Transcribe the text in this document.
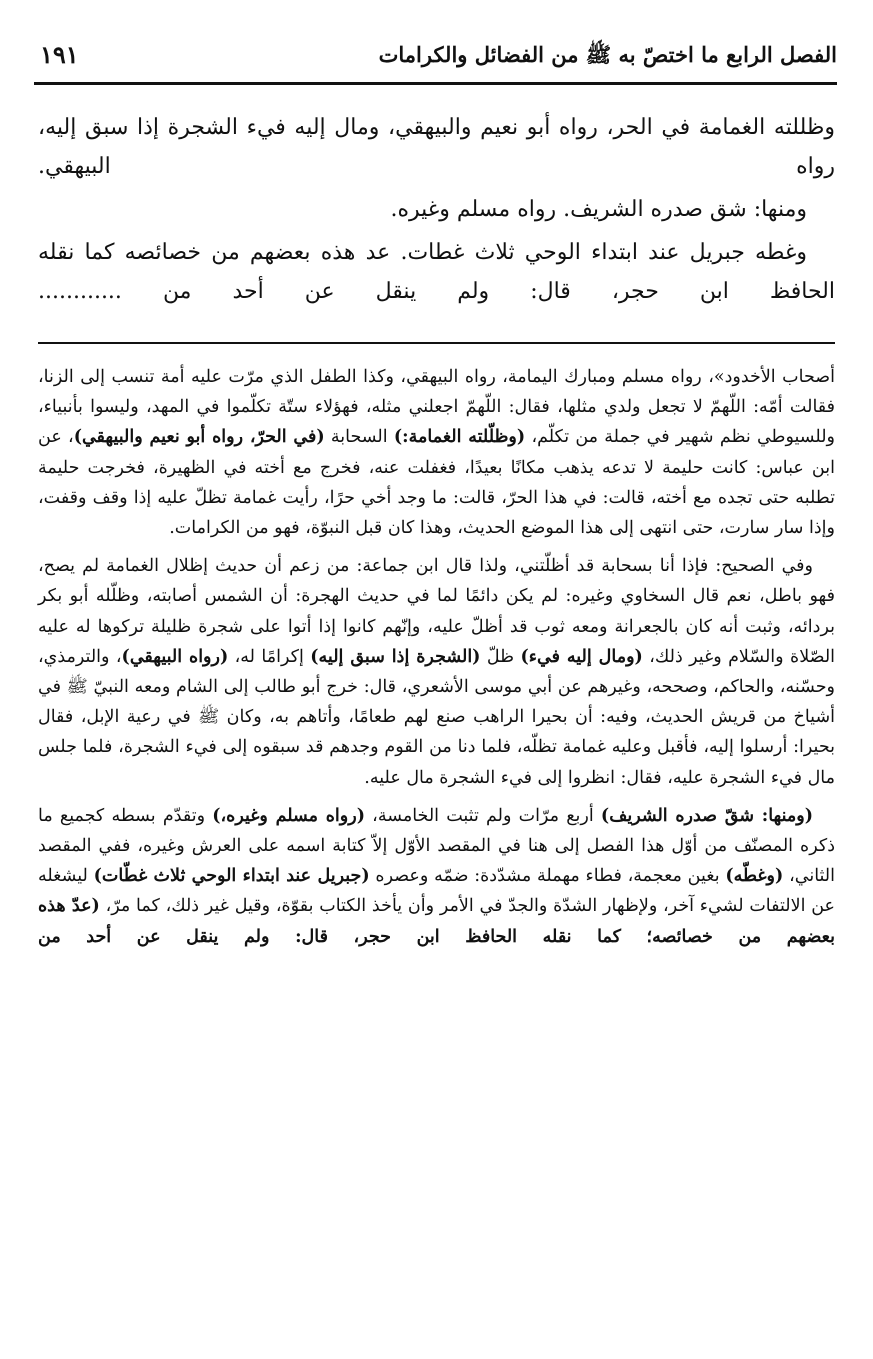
الفصل الرابع ما اختصّ به ﷺ من الفضائل والكرامات
١٩١

وظللته الغمامة في الحر، رواه أبو نعيم والبيهقي، ومال إليه فيء الشجرة إذا سبق إليه، رواه البيهقي.

ومنها: شق صدره الشريف. رواه مسلم وغيره.

وغطه جبريل عند ابتداء الوحي ثلاث غطات. عد هذه بعضهم من خصائصه كما نقله الحافظ ابن حجر، قال: ولم ينقل عن أحد من ............

أصحاب الأخدود»، رواه مسلم ومبارك اليمامة، رواه البيهقي، وكذا الطفل الذي مرّت عليه أمة تنسب إلى الزنا، فقالت أمّه: اللّهمّ لا تجعل ولدي مثلها، فقال: اللّهمّ اجعلني مثله، فهؤلاء ستّة تكلّموا في المهد، وليسوا بأنبياء، وللسيوطي نظم شهير في جملة من تكلّم، (وظلّلته الغمامة:) السحابة (في الحرّ، رواه أبو نعيم والبيهقي)، عن ابن عباس: كانت حليمة لا تدعه يذهب مكانًا بعيدًا، فغفلت عنه، فخرج مع أخته في الظهيرة، فخرجت حليمة تطلبه حتى تجده مع أخته، قالت: في هذا الحرّ، قالت: ما وجد أخي حرًا، رأيت غمامة تظلّ عليه إذا وقف وقفت، وإذا سار سارت، حتى انتهى إلى هذا الموضع الحديث، وهذا كان قبل النبوّة، فهو من الكرامات.

وفي الصحيح: فإذا أنا بسحابة قد أظلّتني، ولذا قال ابن جماعة: من زعم أن حديث إظلال الغمامة لم يصح، فهو باطل، نعم قال السخاوي وغيره: لم يكن دائمًا لما في حديث الهجرة: أن الشمس أصابته، وظلّله أبو بكر بردائه، وثبت أنه كان بالجعرانة ومعه ثوب قد أظلّ عليه، وإنّهم كانوا إذا أتوا على شجرة ظليلة تركوها له عليه الصّلاة والسّلام وغير ذلك، (ومال إليه فيء) ظلّ (الشجرة إذا سبق إليه) إكرامًا له، (رواه البيهقي)، والترمذي، وحسّنه، والحاكم، وصححه، وغيرهم عن أبي موسى الأشعري، قال: خرج أبو طالب إلى الشام ومعه النبيّ ﷺ في أشياخ من قريش الحديث، وفيه: أن بحيرا الراهب صنع لهم طعامًا، وأتاهم به، وكان ﷺ في رعية الإبل، فقال بحيرا: أرسلوا إليه، فأقبل وعليه غمامة تظلّه، فلما دنا من القوم وجدهم قد سبقوه إلى فيء الشجرة، فلما جلس مال فيء الشجرة عليه، فقال: انظروا إلى فيء الشجرة مال عليه.

(ومنها: شقّ صدره الشريف) أربع مرّات ولم تثبت الخامسة، (رواه مسلم وغيره،) وتقدّم بسطه كجميع ما ذكره المصنّف من أوّل هذا الفصل إلى هنا في المقصد الأوّل إلاّ كتابة اسمه على العرش وغيره، ففي المقصد الثاني، (وغطّه) بغين معجمة، فطاء مهملة مشدّدة: ضمّه وعصره (جبريل عند ابتداء الوحي ثلاث غطّات) ليشغله عن الالتفات لشيء آخر، ولإظهار الشدّة والجدّ في الأمر وأن يأخذ الكتاب بقوّة، وقيل غير ذلك، كما مرّ، (عدّ هذه بعضهم من خصائصه؛ كما نقله الحافظ ابن حجر، قال: ولم ينقل عن أحد من
